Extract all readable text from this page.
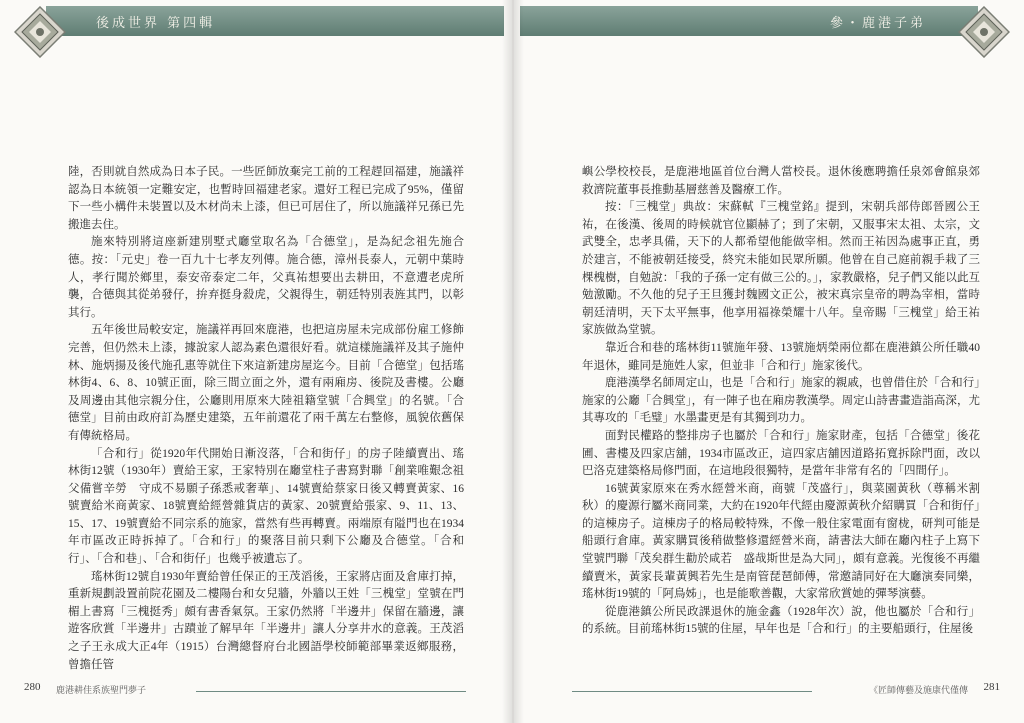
後成世界 第四輯

陸，否則就自然成為日本子民。一些匠師放棄完工前的工程趕回福建，施議祥認為日本統領一定難安定，也暫時回福建老家。還好工程已完成了95%，僅留下一些小構件未裝置以及木材尚未上漆，但已可居住了，所以施議祥兄孫已先搬進去住。

施來特別將這座新建別墅式廳堂取名為「合德堂」，是為紀念祖先施合德。按：「元史」卷一百九十七孝友列傳。施合德，漳州長泰人，元朝中葉時人，孝行聞於鄉里，泰安帝泰定二年，父真祐想要出去耕田，不意遭老虎所襲，合德與其從弟發仔，拚弃挺身殺虎，父親得生，朝廷特別表旌其門，以彰其行。

五年後世局較安定，施議祥再回來鹿港，也把這房屋未完成部份雇工修飾完善，但仍然未上漆，據說家人認為素色還很好看。就這樣施議祥及其子施仲林、施炳揚及後代施孔惠等就住下來這新建房屋迄今。目前「合德堂」包括瑤林街4、6、8、10號正面，除三間立面之外，還有兩廂房、後院及書樓。公廳及周邊由其他宗親分住，公廳則用原來大陸祖籍堂號「合興堂」的名號。「合德堂」目前由政府訂為歷史建築，五年前還花了兩千萬左右整修，風貌依舊保有傳統格局。

「合和行」從1920年代開始日漸沒落，「合和街仔」的房子陸續賣出、瑤林街12號（1930年）賣給王家，王家特別在廳堂柱子書寫對聯「創業唯艱念祖父備嘗辛勞　守成不易願子孫悉戒奢華」、14號賣給蔡家日後又轉賣黃家、16號賣給米商黃家、18號賣給經營雜貨店的黃家、20號賣給張家、9、11、13、15、17、19號賣給不同宗系的施家，當然有些再轉賣。兩端原有隘門也在1934年市區改正時拆掉了。「合和行」的聚落目前只剩下公廳及合德堂。「合和行」、「合和巷」、「合和街仔」也幾乎被遺忘了。

瑤林街12號自1930年賣給曾任保正的王茂滔後，王家將店面及倉庫打掉，重新規劃設置前院花園及二樓陽台和女兒牆，外牆以王姓「三槐堂」堂號在門楣上書寫「三槐挺秀」頗有書香氣氛。王家仍然將「半邊井」保留在牆邊，讓遊客欣賞「半邊井」古蹟並了解早年「半邊井」讓人分享井水的意義。王茂滔之子王永成大正4年（1915）台灣總督府台北國語學校師範部畢業返鄉服務，曾擔任管

280 鹿港耕佳系族聖門夢子
參・鹿港子弟

嶼公學校校長，是鹿港地區首位台灣人當校長。退休後應聘擔任泉郊會館泉郊救濟院董事長推動基層慈善及醫療工作。

按：「三槐堂」典故：宋蘇軾『三槐堂銘』提到，宋朝兵部侍郎晉國公王祐，在後漢、後周的時候就官位顯赫了；到了宋朝，又服事宋太祖、太宗，文武雙全，忠孝具備，天下的人都希望他能做宰相。然而王祐因為處事正直，勇於建言，不能被朝廷接受，終究未能如民眾所願。他曾在自己庭前親手栽了三棵槐樹，自勉說：「我的子孫一定有做三公的。」，家教嚴格，兒子們又能以此互勉激勵。不久他的兒子王旦獲封魏國文正公，被宋真宗皇帝的聘為宰相，當時朝廷清明，天下太平無事，他享用福祿榮耀十八年。皇帝賜「三槐堂」給王祐家族做為堂號。

靠近合和巷的瑤林街11號施年發、13號施炳榮兩位都在鹿港鎮公所任職40年退休，雖同是施姓人家，但並非「合和行」施家後代。

鹿港漢學名師周定山，也是「合和行」施家的親戚，也曾借住於「合和行」施家的公廳「合興堂」，有一陣子也在廂房教漢學。周定山詩書畫造詣高深，尤其專攻的「毛璧」水墨畫更是有其獨到功力。

面對民權路的整排房子也屬於「合和行」施家財產，包括「合德堂」後花圃、書樓及四家店舖，1934市區改正，這四家店舖因道路拓寬拆除門面，改以巴洛克建築格局修門面，在這地段很獨特，是當年非常有名的「四間仔」。

16號黃家原來在秀水經營米商，商號「茂盛行」，與菜園黃秋（尊稱米割秋）的慶源行屬米商同業，大約在1920年代經由慶源黃秋介紹購買「合和街仔」的這棟房子。這棟房子的格局較特殊，不像一般住家電面有窗栊，研判可能是船頭行倉庫。黃家購買後稍做整修還經營米商，請書法大師在廳內柱子上寫下堂號門聯「茂矣群生勸於咸若　盛哉斯世是為大同」，頗有意義。光復後不再繼續賣米，黃家長輩黃興若先生是南管琵琶師傅，常邀請同好在大廳演奏同樂，瑤林街19號的「阿鳥姊」，也是能歌善觀，大家常欣賞她的彈琴演藝。

從鹿港鎮公所民政課退休的施金鑫（1928年次）說，他也屬於「合和行」的系統。目前瑤林街15號的住屋，早年也是「合和行」的主要船頭行，住屋後

《匠師傳藝及施康代僅傳 281
